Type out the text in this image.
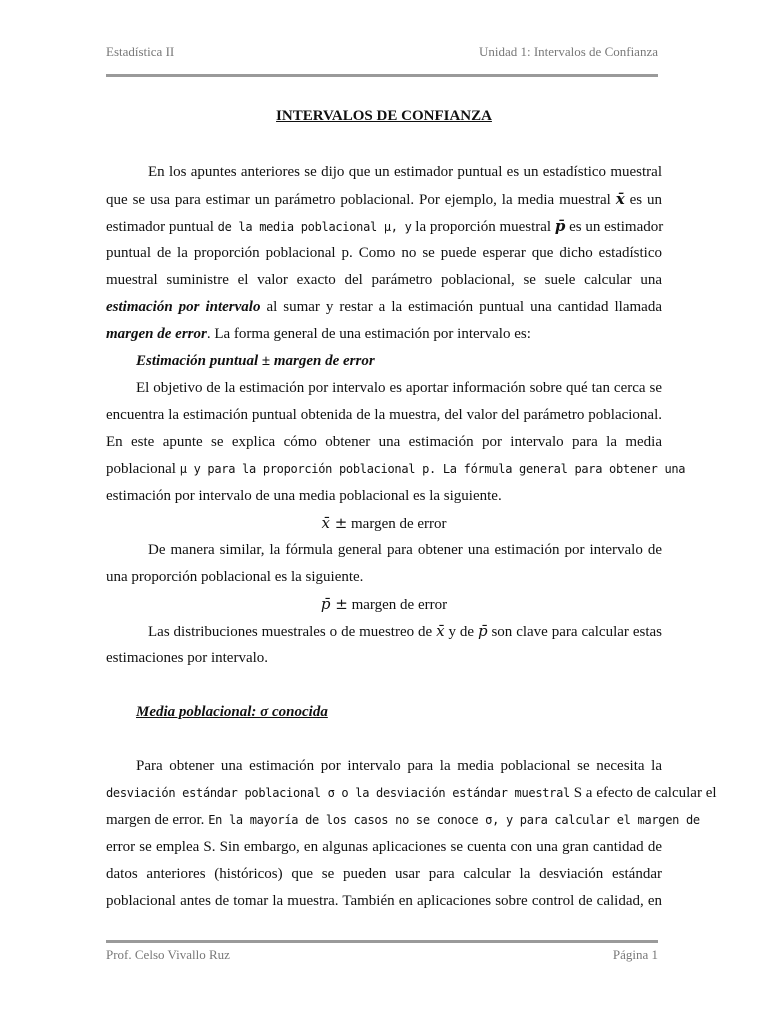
Estadística II	Unidad 1: Intervalos de Confianza
INTERVALOS DE CONFIANZA
En los apuntes anteriores se dijo que un estimador puntual es un estadístico muestral
que se usa para estimar un parámetro poblacional. Por ejemplo, la media muestral x̄ es un
estimador puntual de la media poblacional μ, y la proporción muestral p̄ es un estimador
puntual de la proporción poblacional p. Como no se puede esperar que dicho estadístico
muestral suministre el valor exacto del parámetro poblacional, se suele calcular una
estimación por intervalo al sumar y restar a la estimación puntual una cantidad llamada
margen de error. La forma general de una estimación por intervalo es:
Estimación puntual ± margen de error
El objetivo de la estimación por intervalo es aportar información sobre qué tan cerca se
encuentra la estimación puntual obtenida de la muestra, del valor del parámetro poblacional.
En este apunte se explica cómo obtener una estimación por intervalo para la media
poblacional μ y para la proporción poblacional p. La fórmula general para obtener una
estimación por intervalo de una media poblacional es la siguiente.
x̄ ± margen de error
De manera similar, la fórmula general para obtener una estimación por intervalo de
una proporción poblacional es la siguiente.
p̄ ± margen de error
Las distribuciones muestrales o de muestreo de x̄ y de p̄ son clave para calcular estas
estimaciones por intervalo.
Media poblacional: σ conocida
Para obtener una estimación por intervalo para la media poblacional se necesita la
desviación estándar poblacional σ o la desviación estándar muestral S a efecto de calcular el
margen de error. En la mayoría de los casos no se conoce σ, y para calcular el margen de
error se emplea S. Sin embargo, en algunas aplicaciones se cuenta con una gran cantidad de
datos anteriores (históricos) que se pueden usar para calcular la desviación estándar
poblacional antes de tomar la muestra. También en aplicaciones sobre control de calidad, en
Prof. Celso Vivallo Ruz	Página 1
